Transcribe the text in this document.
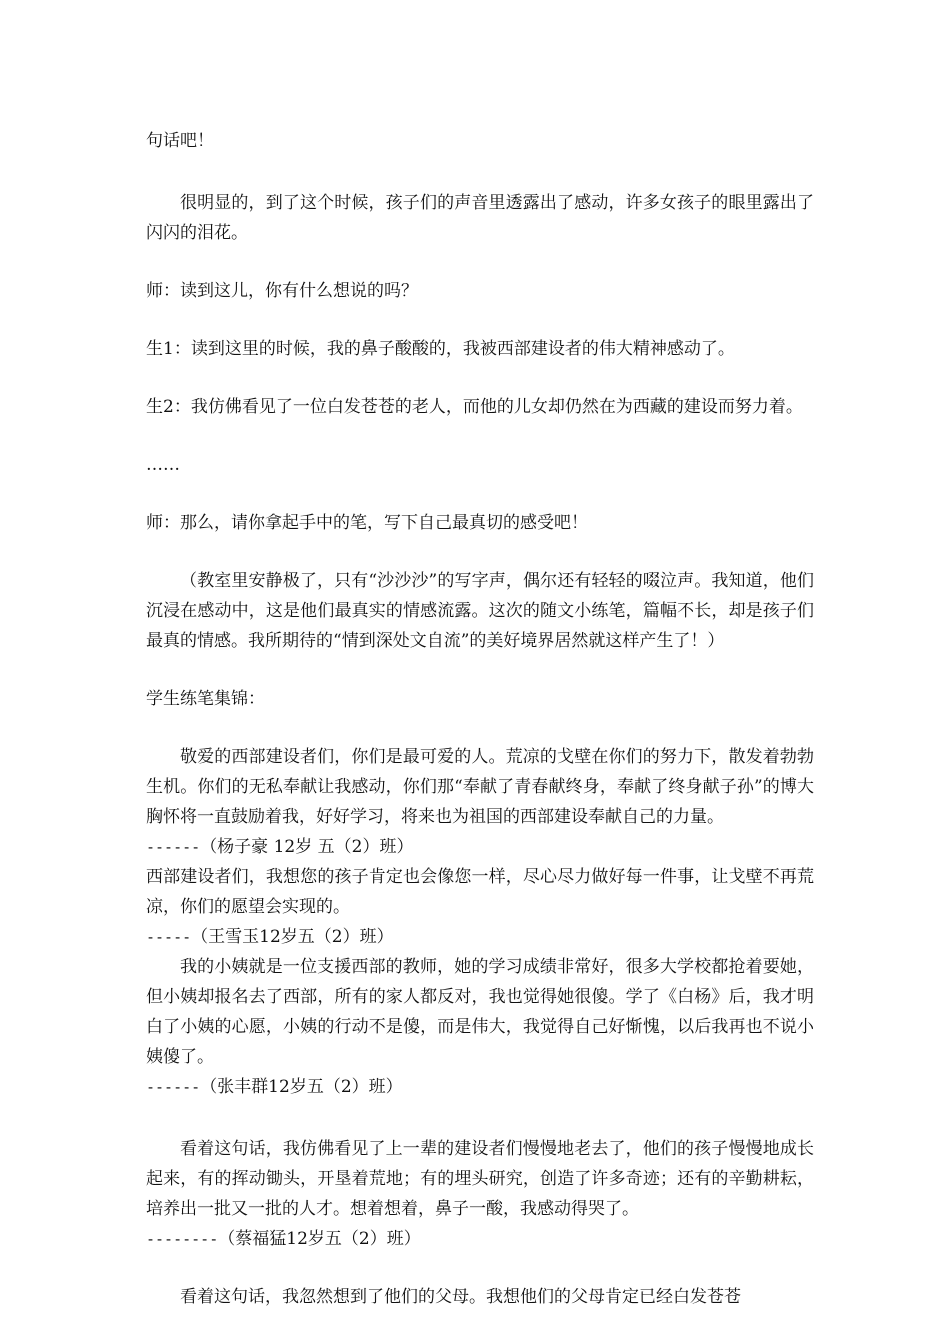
句话吧！

很明显的，到了这个时候，孩子们的声音里透露出了感动，许多女孩子的眼里露出了闪闪的泪花。

师：读到这儿，你有什么想说的吗？

生1：读到这里的时候，我的鼻子酸酸的，我被西部建设者的伟大精神感动了。

生2：我仿佛看见了一位白发苍苍的老人，而他的儿女却仍然在为西藏的建设而努力着。

……

师：那么，请你拿起手中的笔，写下自己最真切的感受吧！

（教室里安静极了，只有“沙沙沙”的写字声，偶尔还有轻轻的啜泣声。我知道，他们沉浸在感动中，这是他们最真实的情感流露。这次的随文小练笔，篇幅不长，却是孩子们最真的情感。我所期待的“情到深处文自流”的美好境界居然就这样产生了！）

学生练笔集锦：

敬爱的西部建设者们，你们是最可爱的人。荒凉的戈壁在你们的努力下，散发着勃勃生机。你们的无私奉献让我感动，你们那“奉献了青春献终身，奉献了终身献子孙”的博大胸怀将一直鼓励着我，好好学习，将来也为祖国的西部建设奉献自己的力量。

------（杨子豪 12岁 五（2）班）

西部建设者们，我想您的孩子肯定也会像您一样，尽心尽力做好每一件事，让戈壁不再荒凉，你们的愿望会实现的。

-----（王雪玉12岁五（2）班）

我的小姨就是一位支援西部的教师，她的学习成绩非常好，很多大学校都抢着要她，但小姨却报名去了西部，所有的家人都反对，我也觉得她很傻。学了《白杨》后，我才明白了小姨的心愿，小姨的行动不是傻，而是伟大，我觉得自己好惭愧，以后我再也不说小姨傻了。

------（张丰群12岁五（2）班）

看着这句话，我仿佛看见了上一辈的建设者们慢慢地老去了，他们的孩子慢慢地成长起来，有的挥动锄头，开垦着荒地；有的埋头研究，创造了许多奇迹；还有的辛勤耕耘，培养出一批又一批的人才。想着想着，鼻子一酸，我感动得哭了。

--------（蔡福猛12岁五（2）班）

看着这句话，我忽然想到了他们的父母。我想他们的父母肯定已经白发苍苍
